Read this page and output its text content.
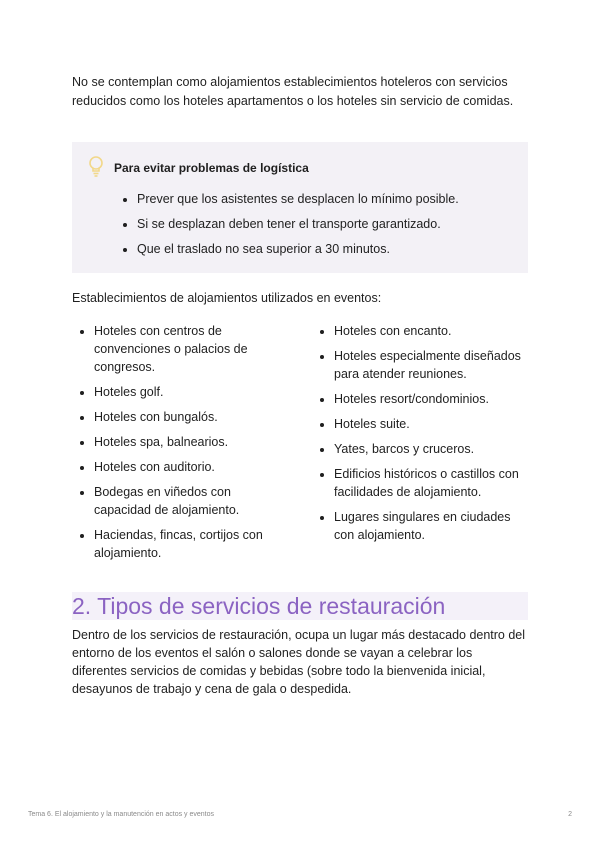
No se contemplan como alojamientos establecimientos hoteleros con servicios reducidos como los hoteles apartamentos o los hoteles sin servicio de comidas.

Para evitar problemas de logística

• Prever que los asistentes se desplacen lo mínimo posible.
• Si se desplazan deben tener el transporte garantizado.
• Que el traslado no sea superior a 30 minutos.

Establecimientos de alojamientos utilizados en eventos:

• Hoteles con centros de convenciones o palacios de congresos.
• Hoteles golf.
• Hoteles con bungalós.
• Hoteles spa, balnearios.
• Hoteles con auditorio.
• Bodegas en viñedos con capacidad de alojamiento.
• Haciendas, fincas, cortijos con alojamiento.
• Hoteles con encanto.
• Hoteles especialmente diseñados para atender reuniones.
• Hoteles resort/condominios.
• Hoteles suite.
• Yates, barcos y cruceros.
• Edificios históricos o castillos con facilidades de alojamiento.
• Lugares singulares en ciudades con alojamiento.
2. Tipos de servicios de restauración

Dentro de los servicios de restauración, ocupa un lugar más destacado dentro del entorno de los eventos el salón o salones donde se vayan a celebrar los diferentes servicios de comidas y bebidas (sobre todo la bienvenida inicial, desayunos de trabajo y cena de gala o despedida.

Tema 6. El alojamiento y la manutención en actos y eventos	2
